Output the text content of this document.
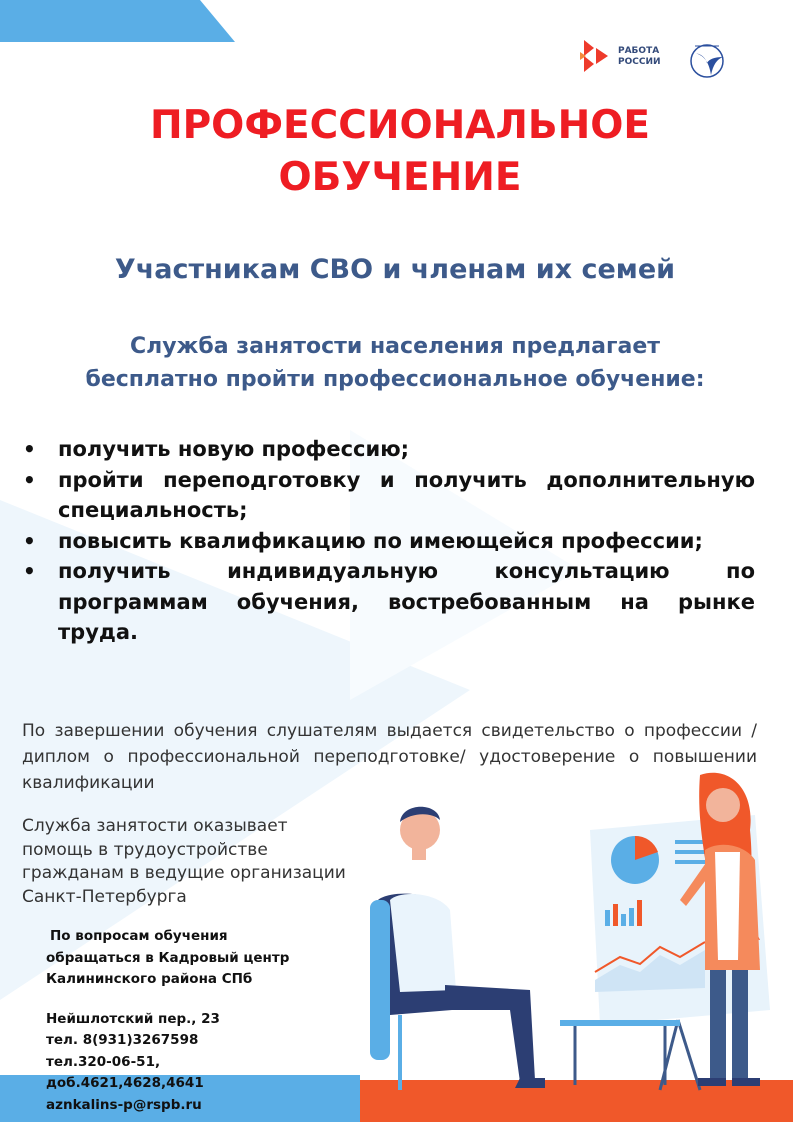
РАБОТА
РОССИИ
ПРОФЕССИОНАЛЬНОЕ
ОБУЧЕНИЕ
Участникам СВО и членам их семей
Служба занятости населения предлагает
бесплатно пройти профессиональное обучение:
• получить новую профессию;
• пройти переподготовку и получить дополнительную специальность;
• повысить квалификацию по имеющейся профессии;
• получить индивидуальную консультацию по программам обучения, востребованным на рынке труда.
По завершении обучения слушателям выдается свидетельство о профессии / диплом о профессиональной переподготовке/ удостоверение о повышении квалификации
Служба занятости оказывает помощь в трудоустройстве гражданам в ведущие организации Санкт-Петербурга
По вопросам обучения
обращаться в Кадровый центр
Калининского района СПб
Нейшлотский пер., 23
тел. 8(931)3267598
тел.320-06-51,
доб.4621,4628,4641
aznkalins-p@rspb.ru
